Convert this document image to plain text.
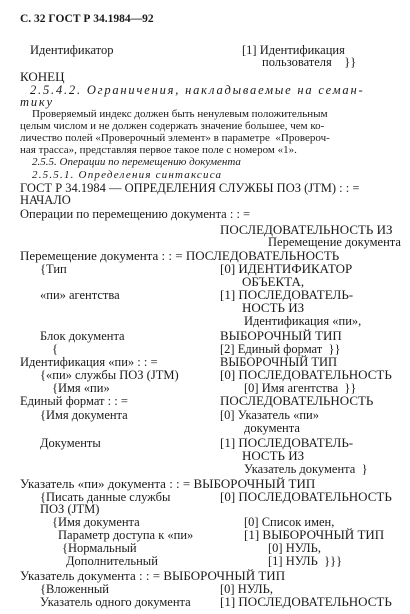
С. 32 ГОСТ Р 34.1984—92
Идентификатор	[1] Идентификация
пользователя    }}
КОНЕЦ
2.5.4.2. Ограничения, накладываемые на семан-
тику
Проверяемый индекс должен быть ненулевым положительным
целым числом и не должен содержать значение большее, чем ко-
личество полей «Проверочный элемент» в параметре  «Провероч-
ная трасса», представляя первое такое поле с номером «1».
2.5.5. Операции по перемещению документа
2.5.5.1. Определения синтаксиса
ГОСТ Р 34.1984 — ОПРЕДЕЛЕНИЯ СЛУЖБЫ ПОЗ (JTM) : : =
НАЧАЛО
Операции по перемещению документа : : =
ПОСЛЕДОВАТЕЛЬНОСТЬ ИЗ
Перемещение документа
Перемещение документа : : = ПОСЛЕДОВАТЕЛЬНОСТЬ
{Тип	[0] ИДЕНТИФИКАТОР
ОБЪЕКТА,
«пи» агентства	[1] ПОСЛЕДОВАТЕЛЬ-
НОСТЬ ИЗ
Идентификация «пи»,
Блок документа	ВЫБОРОЧНЫЙ ТИП
{	[2] Единый формат  }}
Идентификация «пи» : : =	ВЫБОРОЧНЫЙ ТИП
{«пи» службы ПОЗ (JTM)	[0] ПОСЛЕДОВАТЕЛЬНОСТЬ
{Имя «пи»	[0] Имя агентства  }}
Единый формат : : =	ПОСЛЕДОВАТЕЛЬНОСТЬ
{Имя документа	[0] Указатель «пи»
документа
Документы	[1] ПОСЛЕДОВАТЕЛЬ-
НОСТЬ ИЗ
Указатель документа  }
Указатель «пи» документа : : = ВЫБОРОЧНЫЙ ТИП
{Писать данные службы	[0] ПОСЛЕДОВАТЕЛЬНОСТЬ
ПОЗ (JTM)
{Имя документа	[0] Список имен,
Параметр доступа к «пи»	[1] ВЫБОРОЧНЫЙ ТИП
{Нормальный	[0] НУЛЬ,
Дополнительный	[1] НУЛЬ  }}}
Указатель документа : : = ВЫБОРОЧНЫЙ ТИП
{Вложенный	[0] НУЛЬ,
Указатель одного документа [1] ПОСЛЕДОВАТЕЛЬНОСТЬ
